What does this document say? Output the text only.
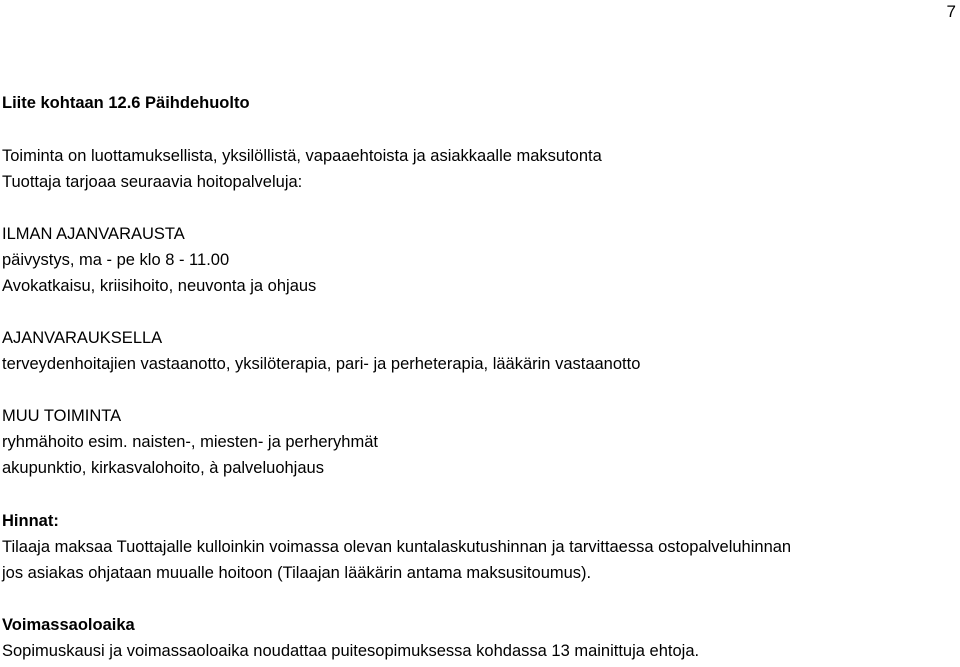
7
Liite kohtaan 12.6 Päihdehuolto
Toiminta on luottamuksellista, yksilöllistä, vapaaehtoista ja asiakkaalle maksutonta
Tuottaja tarjoaa seuraavia hoitopalveluja:
ILMAN AJANVARAUSTA
päivystys, ma - pe klo 8 - 11.00
Avokatkaisu, kriisihoito, neuvonta ja ohjaus
AJANVARAUKSELLA
terveydenhoitajien vastaanotto, yksilöterapia, pari- ja perheterapia, lääkärin vastaanotto
MUU TOIMINTA
ryhmähoito esim. naisten-, miesten- ja perheryhmät
akupunktio, kirkasvalohoito, à palveluohjaus
Hinnat:
Tilaaja maksaa Tuottajalle kulloinkin voimassa olevan kuntalaskutushinnan ja tarvittaessa ostopalveluhinnan
jos asiakas ohjataan muualle hoitoon (Tilaajan lääkärin antama maksusitoumus).
Voimassaoloaika
Sopimuskausi ja voimassaoloaika noudattaa puitesopimuksessa kohdassa 13 mainittuja ehtoja.
